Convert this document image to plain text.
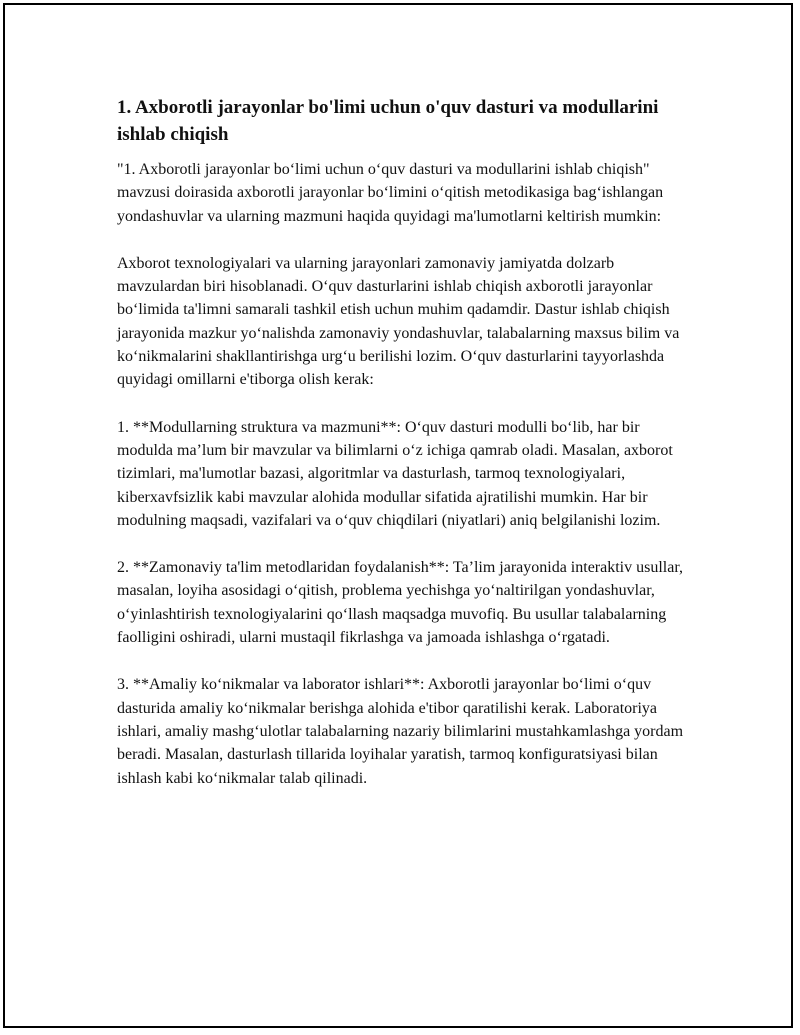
1. Axborotli jarayonlar bo'limi uchun o'quv dasturi va modullarini ishlab chiqish

"1. Axborotli jarayonlar bo‘limi uchun o‘quv dasturi va modullarini ishlab chiqish" mavzusi doirasida axborotli jarayonlar bo‘limini o‘qitish metodikasiga bag‘ishlangan yondashuvlar va ularning mazmuni haqida quyidagi ma'lumotlarni keltirish mumkin:

Axborot texnologiyalari va ularning jarayonlari zamonaviy jamiyatda dolzarb mavzulardan biri hisoblanadi. O‘quv dasturlarini ishlab chiqish axborotli jarayonlar bo‘limida ta'limni samarali tashkil etish uchun muhim qadamdir. Dastur ishlab chiqish jarayonida mazkur yo‘nalishda zamonaviy yondashuvlar, talabalarning maxsus bilim va ko‘nikmalarini shakllantirishga urg‘u berilishi lozim. O‘quv dasturlarini tayyorlashda quyidagi omillarni e'tiborga olish kerak:

1. **Modullarning struktura va mazmuni**: O‘quv dasturi modulli bo‘lib, har bir modulda ma’lum bir mavzular va bilimlarni o‘z ichiga qamrab oladi. Masalan, axborot tizimlari, ma'lumotlar bazasi, algoritmlar va dasturlash, tarmoq texnologiyalari, kiberxavfsizlik kabi mavzular alohida modullar sifatida ajratilishi mumkin. Har bir modulning maqsadi, vazifalari va o‘quv chiqdilari (niyatlari) aniq belgilanishi lozim.

2. **Zamonaviy ta'lim metodlaridan foydalanish**: Ta’lim jarayonida interaktiv usullar, masalan, loyiha asosidagi o‘qitish, problema yechishga yo‘naltirilgan yondashuvlar, o‘yinlashtirish texnologiyalarini qo‘llash maqsadga muvofiq. Bu usullar talabalarning faolligini oshiradi, ularni mustaqil fikrlashga va jamoada ishlashga o‘rgatadi.

3. **Amaliy ko‘nikmalar va laborator ishlari**: Axborotli jarayonlar bo‘limi o‘quv dasturida amaliy ko‘nikmalar berishga alohida e'tibor qaratilishi kerak. Laboratoriya ishlari, amaliy mashg‘ulotlar talabalarning nazariy bilimlarini mustahkamlashga yordam beradi. Masalan, dasturlash tillarida loyihalar yaratish, tarmoq konfiguratsiyasi bilan ishlash kabi ko‘nikmalar talab qilinadi.
